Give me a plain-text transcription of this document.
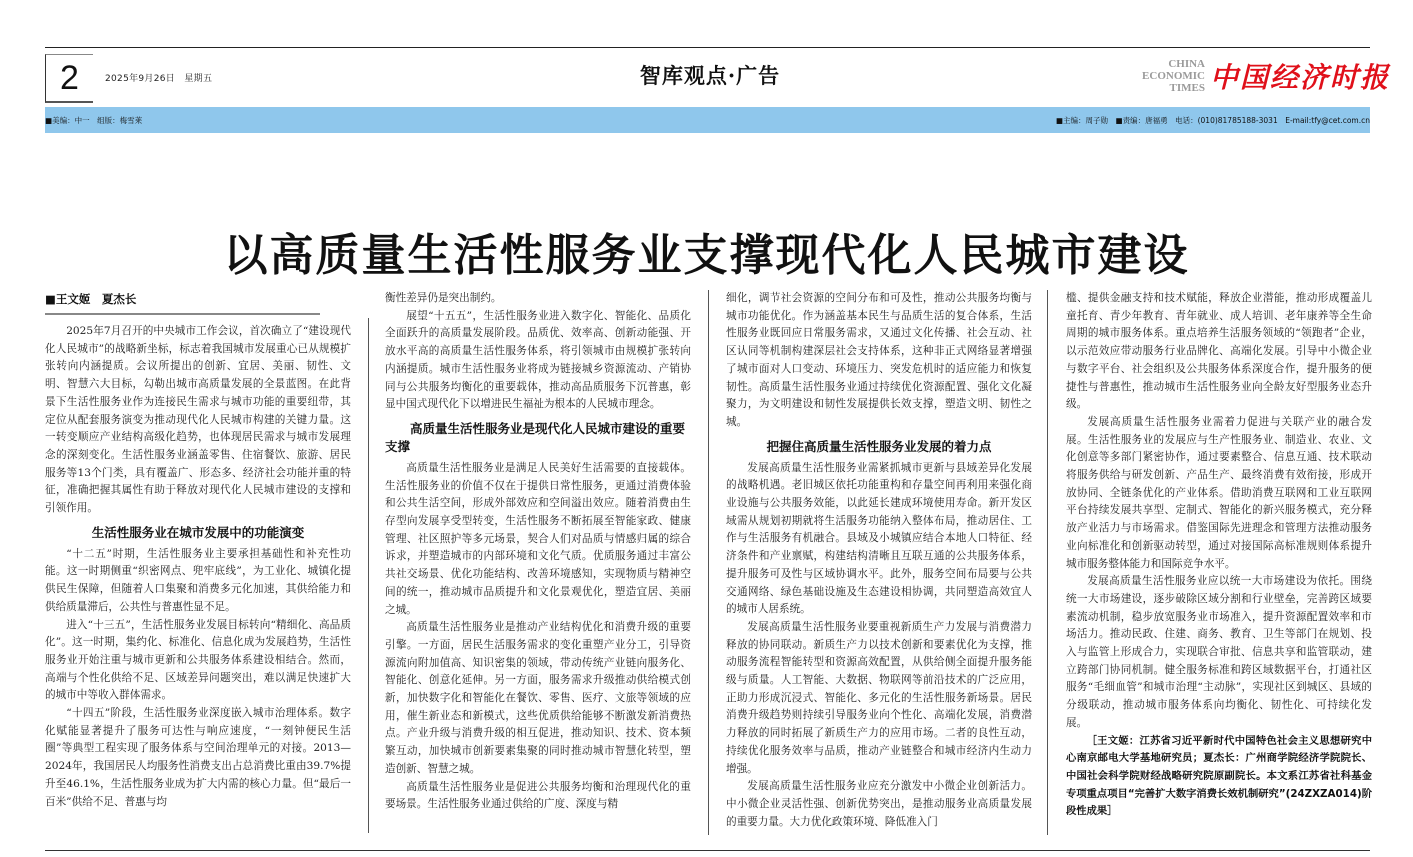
2	2025年9月26日　星期五	智库观点·广告	CHINA
ECONOMIC
TIMES 中国经济时报
■美编：中一　组版：梅雪莱	■主编：周子勋　■责编：唐福勇　电话：(010)81785188-3031　E-mail:tfy@cet.com.cn
以高质量生活性服务业支撑现代化人民城市建设
■王文姬　夏杰长

2025年7月召开的中央城市工作会议，首次确立了“建设现代化人民城市”的战略新坐标，标志着我国城市发展重心已从规模扩张转向内涵提质。会议所提出的创新、宜居、美丽、韧性、文明、智慧六大目标，勾勒出城市高质量发展的全景蓝图。在此背景下生活性服务业作为连接民生需求与城市功能的重要纽带，其定位从配套服务演变为推动现代化人民城市构建的关键力量。这一转变顺应产业结构高级化趋势，也体现居民需求与城市发展理念的深刻变化。生活性服务业涵盖零售、住宿餐饮、旅游、居民服务等13个门类，具有覆盖广、形态多、经济社会功能并重的特征，准确把握其属性有助于释放对现代化人民城市建设的支撑和引领作用。

生活性服务业在城市发展中的功能演变

“十二五”时期，生活性服务业主要承担基础性和补充性功能。这一时期侧重“织密网点、兜牢底线”，为工业化、城镇化提供民生保障，但随着人口集聚和消费多元化加速，其供给能力和供给质量滞后，公共性与普惠性显不足。

进入“十三五”，生活性服务业发展目标转向“精细化、高品质化”。这一时期，集约化、标准化、信息化成为发展趋势，生活性服务业开始注重与城市更新和公共服务体系建设相结合。然而，高端与个性化供给不足、区域差异问题突出，难以满足快速扩大的城市中等收入群体需求。

“十四五”阶段，生活性服务业深度嵌入城市治理体系。数字化赋能显著提升了服务可达性与响应速度，“一刻钟便民生活圈”等典型工程实现了服务体系与空间治理单元的对接。2013—2024年，我国居民人均服务性消费支出占总消费比重由39.7%提升至46.1%，生活性服务业成为扩大内需的核心力量。但“最后一百米”供给不足、普惠与均

衡性差异仍是突出制约。

展望“十五五”，生活性服务业进入数字化、智能化、品质化全面跃升的高质量发展阶段。品质优、效率高、创新动能强、开放水平高的高质量生活性服务体系，将引领城市由规模扩张转向内涵提质。城市生活性服务业将成为链接城乡资源流动、产销协同与公共服务均衡化的重要载体，推动高品质服务下沉普惠，彰显中国式现代化下以增进民生福祉为根本的人民城市理念。

高质量生活性服务业是现代化人民城市建设的重要支撑

高质量生活性服务业是满足人民美好生活需要的直接载体。生活性服务业的价值不仅在于提供日常性服务，更通过消费体验和公共生活空间，形成外部效应和空间溢出效应。随着消费由生存型向发展享受型转变，生活性服务不断拓展至智能家政、健康管理、社区照护等多元场景，契合人们对品质与情感归属的综合诉求，并塑造城市的内部环境和文化气质。优质服务通过丰富公共社交场景、优化功能结构、改善环境感知，实现物质与精神空间的统一，推动城市品质提升和文化景观优化，塑造宜居、美丽之城。

高质量生活性服务业是推动产业结构优化和消费升级的重要引擎。一方面，居民生活服务需求的变化重塑产业分工，引导资源流向附加值高、知识密集的领域，带动传统产业链向服务化、智能化、创意化延伸。另一方面，服务需求升级推动供给模式创新，加快数字化和智能化在餐饮、零售、医疗、文旅等领域的应用，催生新业态和新模式，这些优质供给能够不断激发新消费热点。产业升级与消费升级的相互促进，推动知识、技术、资本频繁互动，加快城市创新要素集聚的同时推动城市智慧化转型，塑造创新、智慧之城。

高质量生活性服务业是促进公共服务均衡和治理现代化的重要场景。生活性服务业通过供给的广度、深度与精

细化，调节社会资源的空间分布和可及性，推动公共服务均衡与城市功能优化。作为涵盖基本民生与品质生活的复合体系，生活性服务业既回应日常服务需求，又通过文化传播、社会互动、社区认同等机制构建深层社会支持体系，这种非正式网络显著增强了城市面对人口变动、环境压力、突发危机时的适应能力和恢复韧性。高质量生活性服务业通过持续优化资源配置、强化文化凝聚力，为文明建设和韧性发展提供长效支撑，塑造文明、韧性之城。

把握住高质量生活性服务业发展的着力点

发展高质量生活性服务业需紧抓城市更新与县域差异化发展的战略机遇。老旧城区依托功能重构和存量空间再利用来强化商业设施与公共服务效能，以此延长建成环境使用寿命。新开发区域需从规划初期就将生活服务功能纳入整体布局，推动居住、工作与生活服务有机融合。县域及小城镇应结合本地人口特征、经济条件和产业禀赋，构建结构清晰且互联互通的公共服务体系，提升服务可及性与区域协调水平。此外，服务空间布局要与公共交通网络、绿色基础设施及生态建设相协调，共同塑造高效宜人的城市人居系统。

发展高质量生活性服务业要重视新质生产力发展与消费潜力释放的协同联动。新质生产力以技术创新和要素优化为支撑，推动服务流程智能转型和资源高效配置，从供给侧全面提升服务能级与质量。人工智能、大数据、物联网等前沿技术的广泛应用，正助力形成沉浸式、智能化、多元化的生活性服务新场景。居民消费升级趋势则持续引导服务业向个性化、高端化发展，消费潜力释放的同时拓展了新质生产力的应用市场。二者的良性互动，持续优化服务效率与品质，推动产业链整合和城市经济内生动力增强。

发展高质量生活性服务业应充分激发中小微企业创新活力。中小微企业灵活性强、创新优势突出，是推动服务业高质量发展的重要力量。大力优化政策环境、降低准入门

槛、提供金融支持和技术赋能，释放企业潜能，推动形成覆盖儿童托育、青少年教育、青年就业、成人培训、老年康养等全生命周期的城市服务体系。重点培养生活服务领域的“领跑者”企业，以示范效应带动服务行业品牌化、高端化发展。引导中小微企业与数字平台、社会组织及公共服务体系深度合作，提升服务的便捷性与普惠性，推动城市生活性服务业向全龄友好型服务业态升级。

发展高质量生活性服务业需着力促进与关联产业的融合发展。生活性服务业的发展应与生产性服务业、制造业、农业、文化创意等多部门紧密协作，通过要素整合、信息互通、技术联动将服务供给与研发创新、产品生产、最终消费有效衔接，形成开放协同、全链条优化的产业体系。借助消费互联网和工业互联网平台持续发展共享型、定制式、智能化的新兴服务模式，充分释放产业活力与市场需求。借鉴国际先进理念和管理方法推动服务业向标准化和创新驱动转型，通过对接国际高标准规则体系提升城市服务整体能力和国际竞争水平。

发展高质量生活性服务业应以统一大市场建设为依托。围绕统一大市场建设，逐步破除区域分割和行业壁垒，完善跨区域要素流动机制，稳步放宽服务业市场准入，提升资源配置效率和市场活力。推动民政、住建、商务、教育、卫生等部门在规划、投入与监管上形成合力，实现联合审批、信息共享和监管联动，建立跨部门协同机制。健全服务标准和跨区域数据平台，打通社区服务“毛细血管”和城市治理“主动脉”，实现社区到城区、县域的分级联动，推动城市服务体系向均衡化、韧性化、可持续化发展。

［王文姬：江苏省习近平新时代中国特色社会主义思想研究中心南京邮电大学基地研究员；夏杰长：广州商学院经济学院院长、中国社会科学院财经战略研究院原副院长。本文系江苏省社科基金专项重点项目“完善扩大数字消费长效机制研究”(24ZXZA014)阶段性成果］
